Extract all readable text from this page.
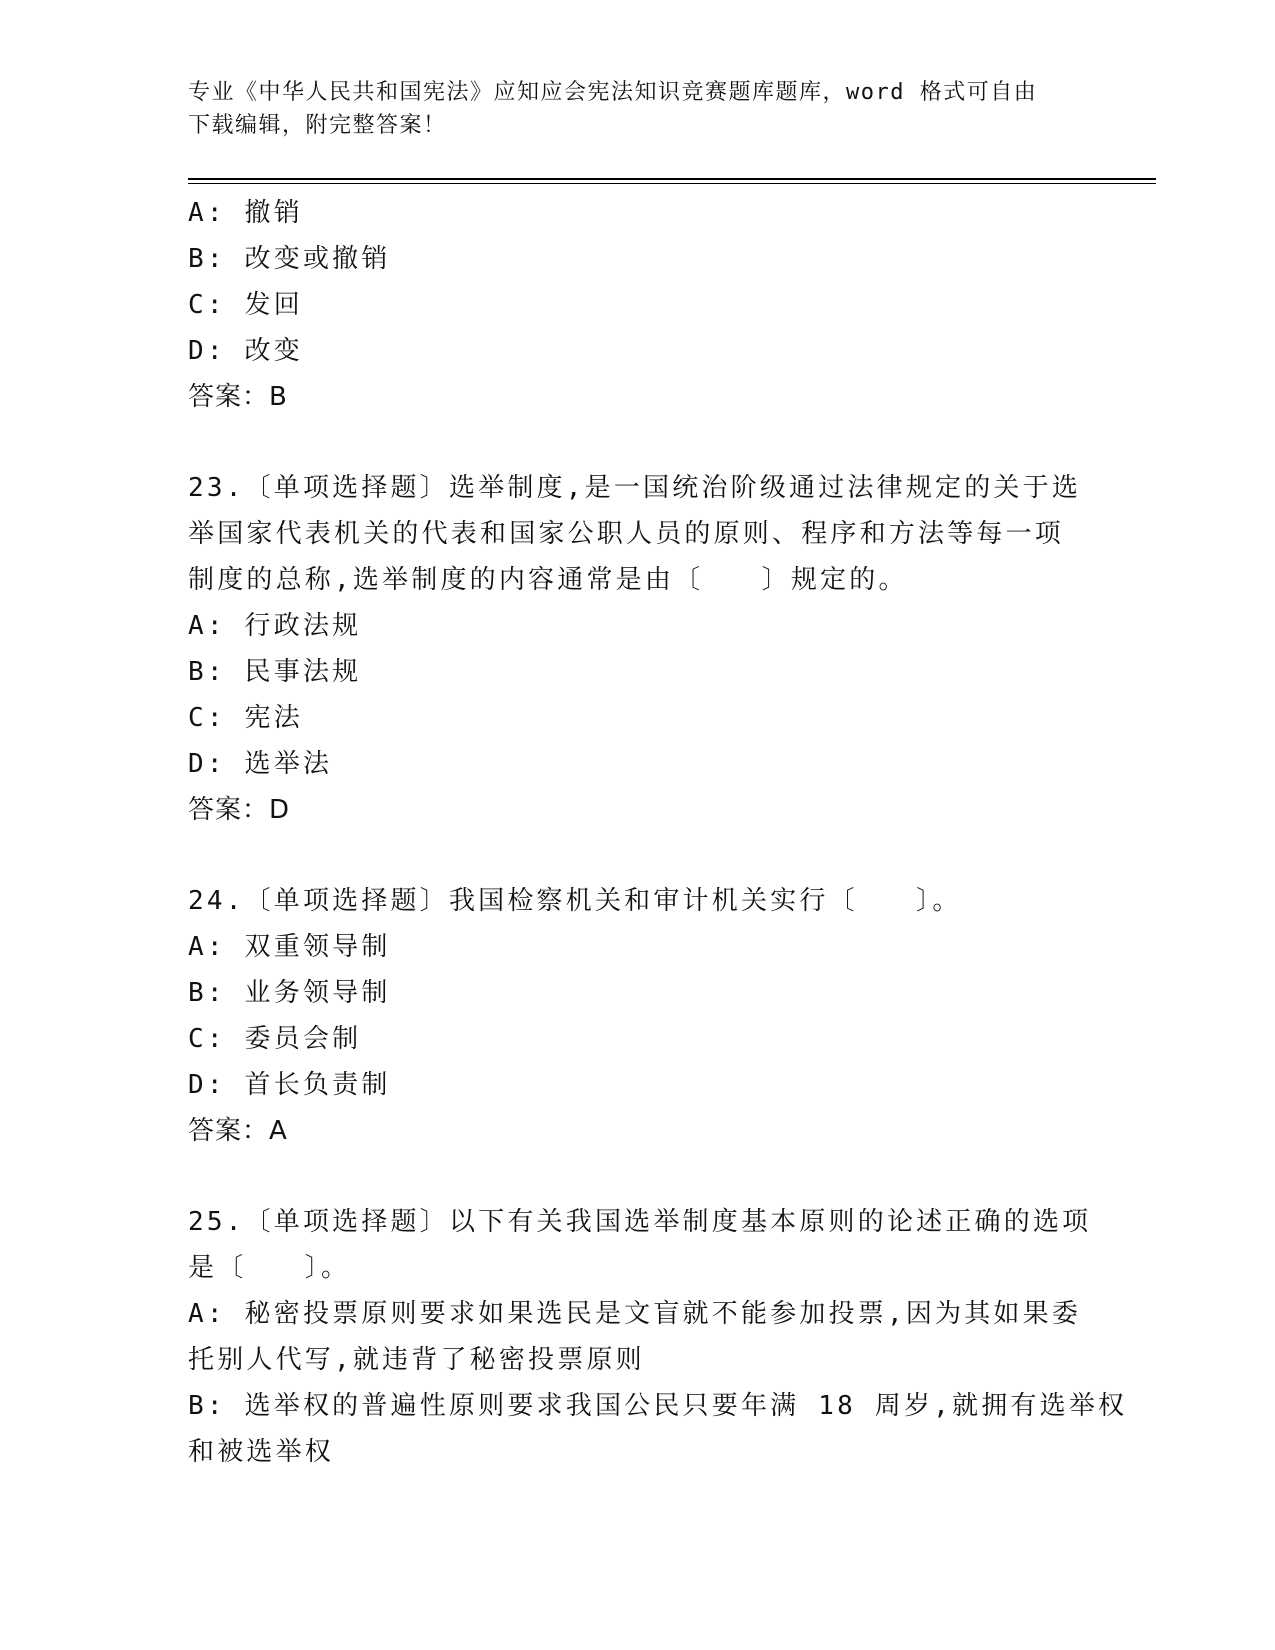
专业《中华人民共和国宪法》应知应会宪法知识竞赛题库题库，word 格式可自由
下载编辑，附完整答案！
A: 撤销
B: 改变或撤销
C: 发回
D: 改变
答案：B
23.〔单项选择题〕选举制度,是一国统治阶级通过法律规定的关于选
举国家代表机关的代表和国家公职人员的原则、程序和方法等每一项
制度的总称,选举制度的内容通常是由〔　　〕规定的。
A: 行政法规
B: 民事法规
C: 宪法
D: 选举法
答案：D
24.〔单项选择题〕我国检察机关和审计机关实行〔　　〕。
A: 双重领导制
B: 业务领导制
C: 委员会制
D: 首长负责制
答案：A
25.〔单项选择题〕以下有关我国选举制度基本原则的论述正确的选项
是〔　　〕。
A: 秘密投票原则要求如果选民是文盲就不能参加投票,因为其如果委
托别人代写,就违背了秘密投票原则
B: 选举权的普遍性原则要求我国公民只要年满 18 周岁,就拥有选举权
和被选举权
